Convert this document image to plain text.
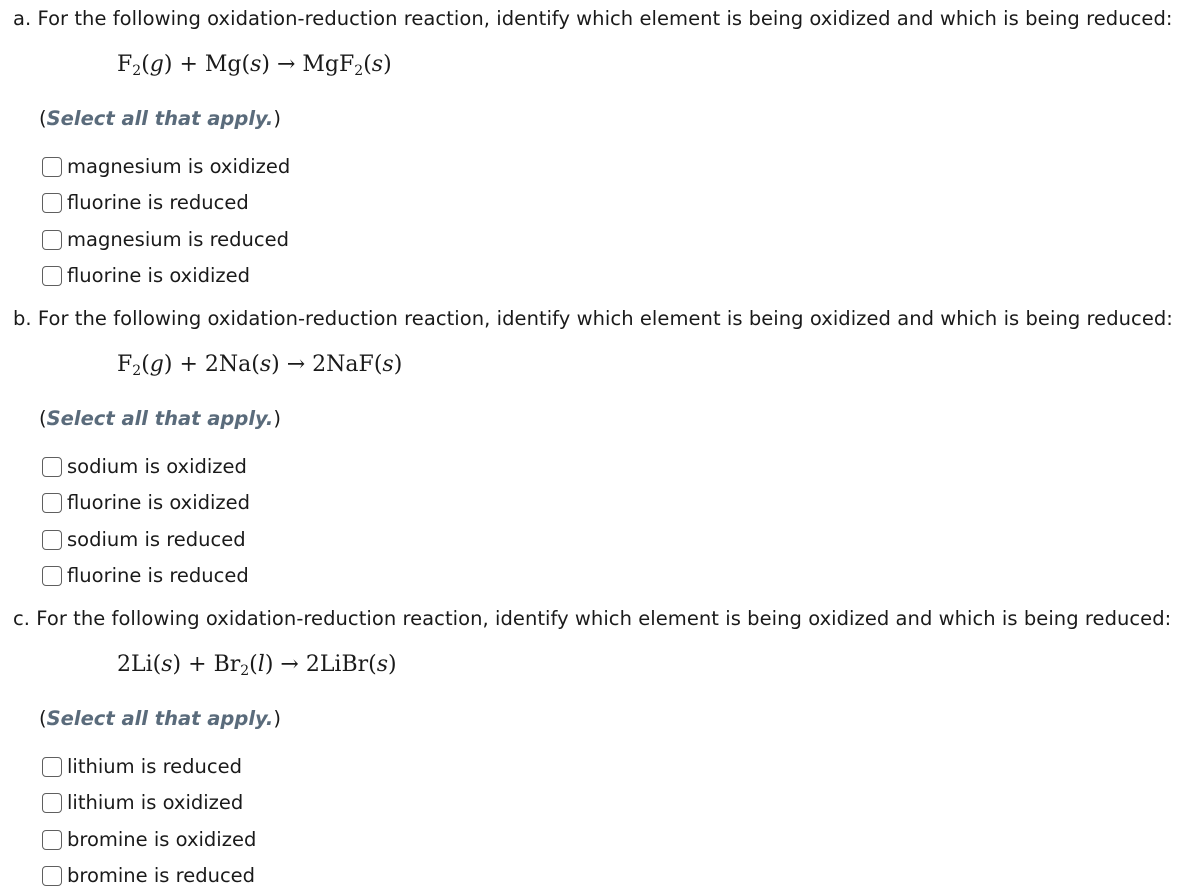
a. For the following oxidation-reduction reaction, identify which element is being oxidized and which is being reduced:
$F_2(g) + Mg(s) \to MgF_2(s)$
(Select all that apply.)
magnesium is oxidized
fluorine is reduced
magnesium is reduced
fluorine is oxidized
b. For the following oxidation-reduction reaction, identify which element is being oxidized and which is being reduced:
$F_2(g) + 2Na(s) \to 2NaF(s)$
(Select all that apply.)
sodium is oxidized
fluorine is oxidized
sodium is reduced
fluorine is reduced
c. For the following oxidation-reduction reaction, identify which element is being oxidized and which is being reduced:
$2Li(s) + Br_2(l)$ → 2LiBr(s)
(Select all that apply.)
lithium is reduced
lithium is oxidized
bromine is oxidized
bromine is reduced
